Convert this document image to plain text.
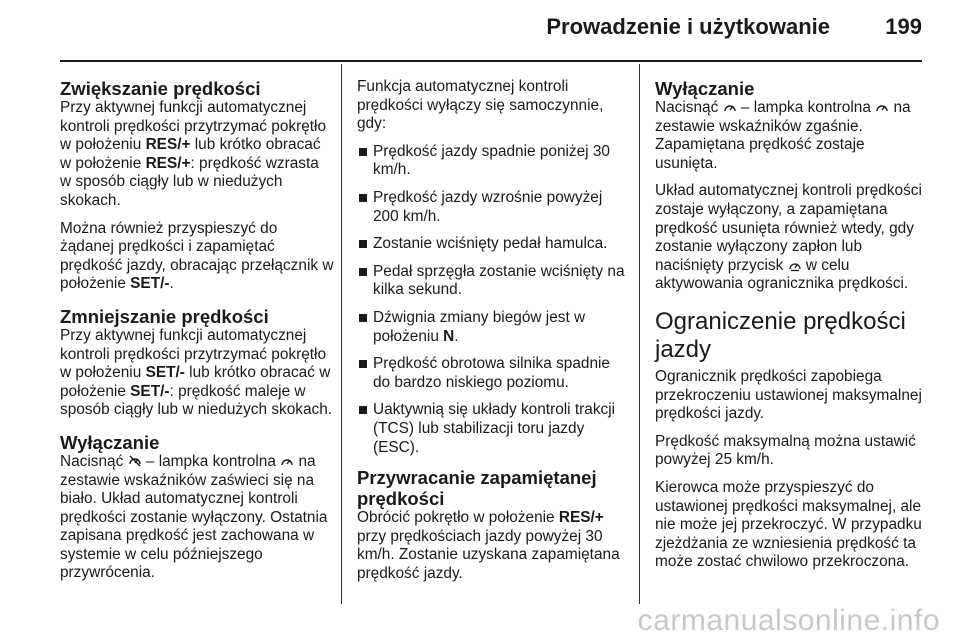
Prowadzenie i użytkowanie	199
Zwiększanie prędkości

Przy aktywnej funkcji automatycznej kontroli prędkości przytrzymać pokrętło w położeniu RES/+ lub krótko obracać w położenie RES/+: prędkość wzrasta w sposób ciągły lub w niedużych skokach.

Można również przyspieszyć do żądanej prędkości i zapamiętać prędkość jazdy, obracając przełącznik w położenie SET/-.

Zmniejszanie prędkości

Przy aktywnej funkcji automatycznej kontroli prędkości przytrzymać pokrętło w położeniu SET/- lub krótko obracać w położenie SET/-: prędkość maleje w sposób ciągły lub w niedużych skokach.

Wyłączanie

Nacisnąć  – lampka kontrolna  na zestawie wskaźników zaświeci się na biało. Układ automatycznej kontroli prędkości zostanie wyłączony. Ostatnia zapisana prędkość jest zachowana w systemie w celu późniejszego przywrócenia.

Funkcja automatycznej kontroli prędkości wyłączy się samoczynnie, gdy:

Prędkość jazdy spadnie poniżej 30 km/h.
Prędkość jazdy wzrośnie powyżej 200 km/h.
Zostanie wciśnięty pedał hamulca.
Pedał sprzęgła zostanie wciśnięty na kilka sekund.
Dźwignia zmiany biegów jest w położeniu N.
Prędkość obrotowa silnika spadnie do bardzo niskiego poziomu.
Uaktywnią się układy kontroli trakcji (TCS) lub stabilizacji toru jazdy (ESC).
Przywracanie zapamiętanej prędkości

Obrócić pokrętło w położenie RES/+ przy prędkościach jazdy powyżej 30 km/h. Zostanie uzyskana zapamiętana prędkość jazdy.

Wyłączanie

Nacisnąć  – lampka kontrolna  na zestawie wskaźników zgaśnie. Zapamiętana prędkość zostaje usunięta.

Układ automatycznej kontroli prędkości zostaje wyłączony, a zapamiętana prędkość usunięta również wtedy, gdy zostanie wyłączony zapłon lub naciśnięty przycisk  w celu aktywowania ogranicznika prędkości.

Ograniczenie prędkości jazdy

Ogranicznik prędkości zapobiega przekroczeniu ustawionej maksymalnej prędkości jazdy.

Prędkość maksymalną można ustawić powyżej 25 km/h.

Kierowca może przyspieszyć do ustawionej prędkości maksymalnej, ale nie może jej przekroczyć. W przypadku zjeżdżania ze wzniesienia prędkość ta może zostać chwilowo przekroczona.

carmanualsonline.info
